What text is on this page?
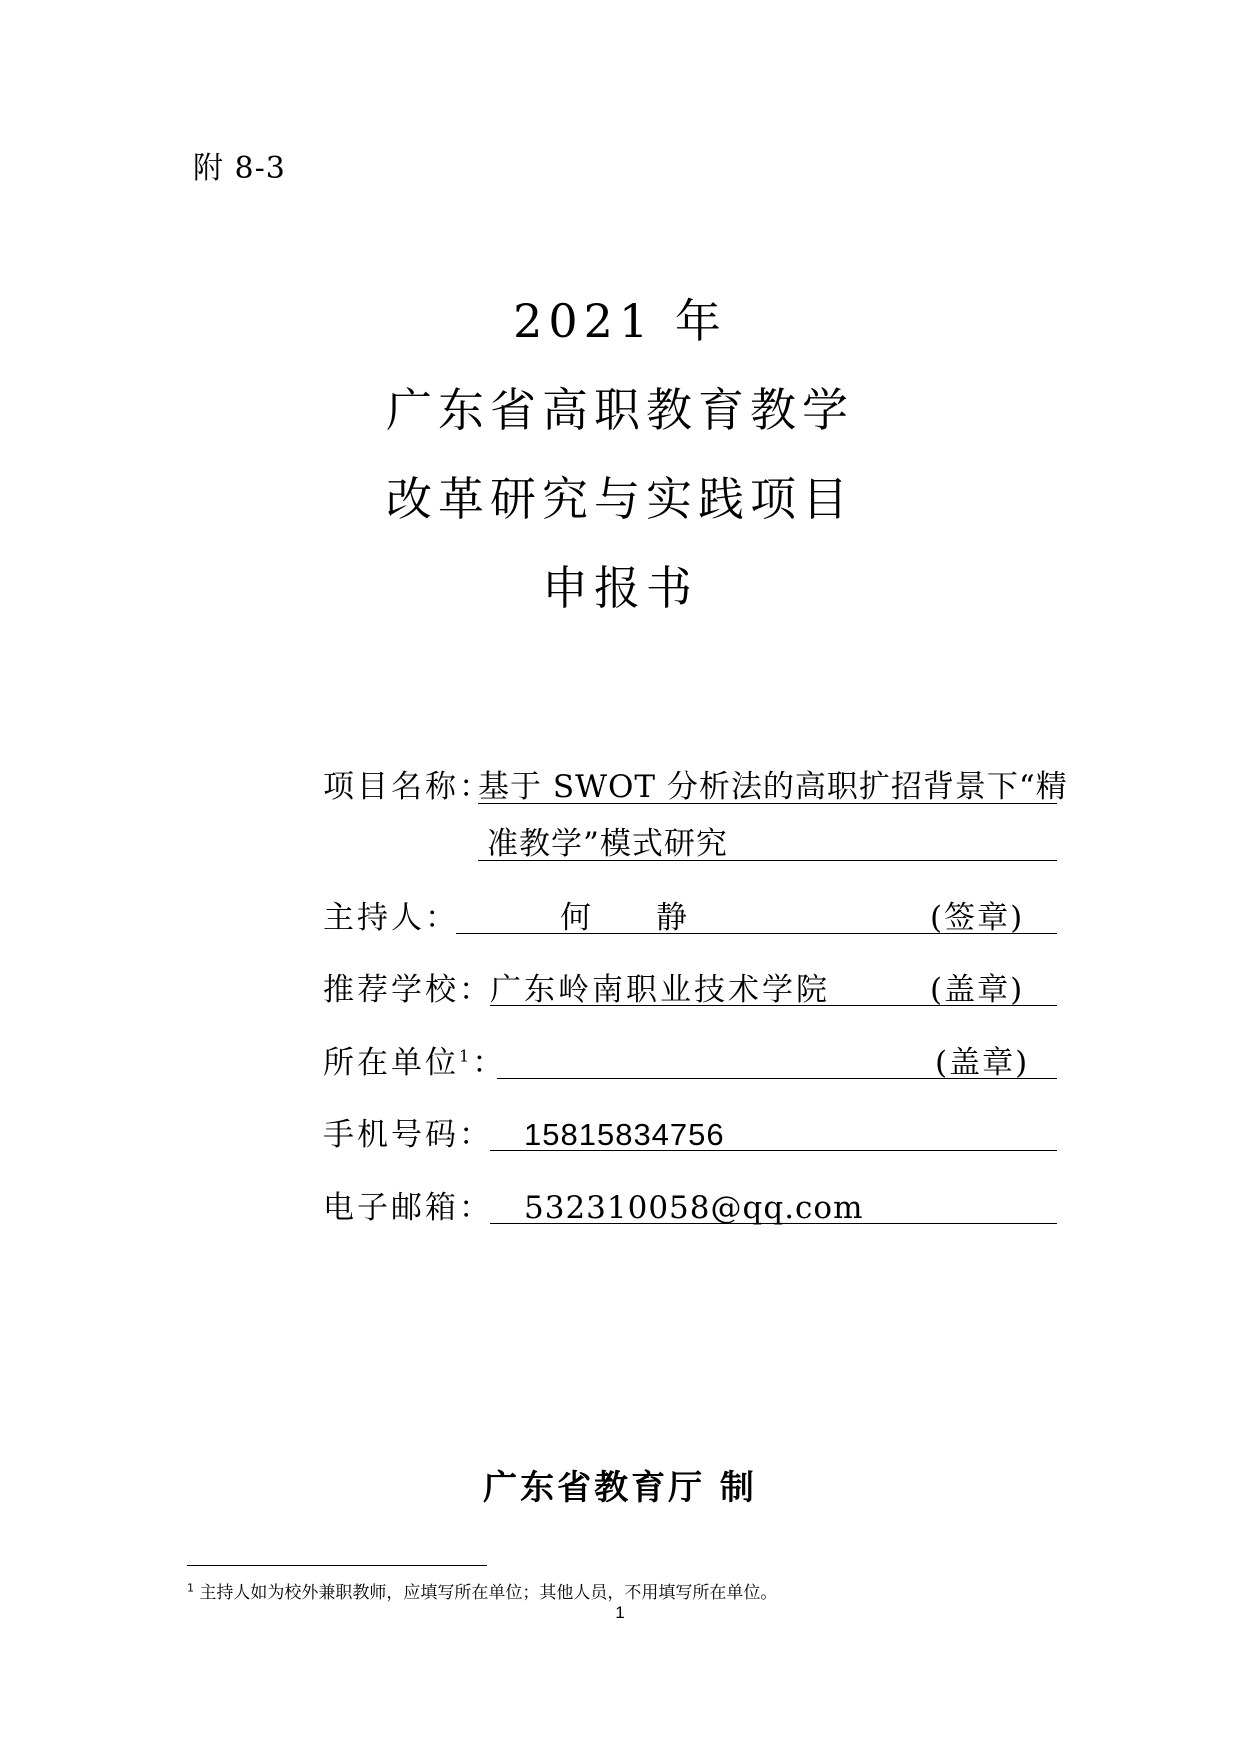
附 8-3
2021 年
广东省高职教育教学
改革研究与实践项目
申报书
项目名称：
基于 SWOT 分析法的高职扩招背景下“精
准教学”模式研究
主持人：	何　　静	(签章)
推荐学校：
广东岭南职业技术学院	(盖章)
所在单位$^1$：	(盖章)
手机号码： 15815834756
电子邮箱： 532310058@qq.com
广东省教育厅 制
$^1$ 主持人如为校外兼职教师，应填写所在单位；其他人员，不用填写所在单位。
1
